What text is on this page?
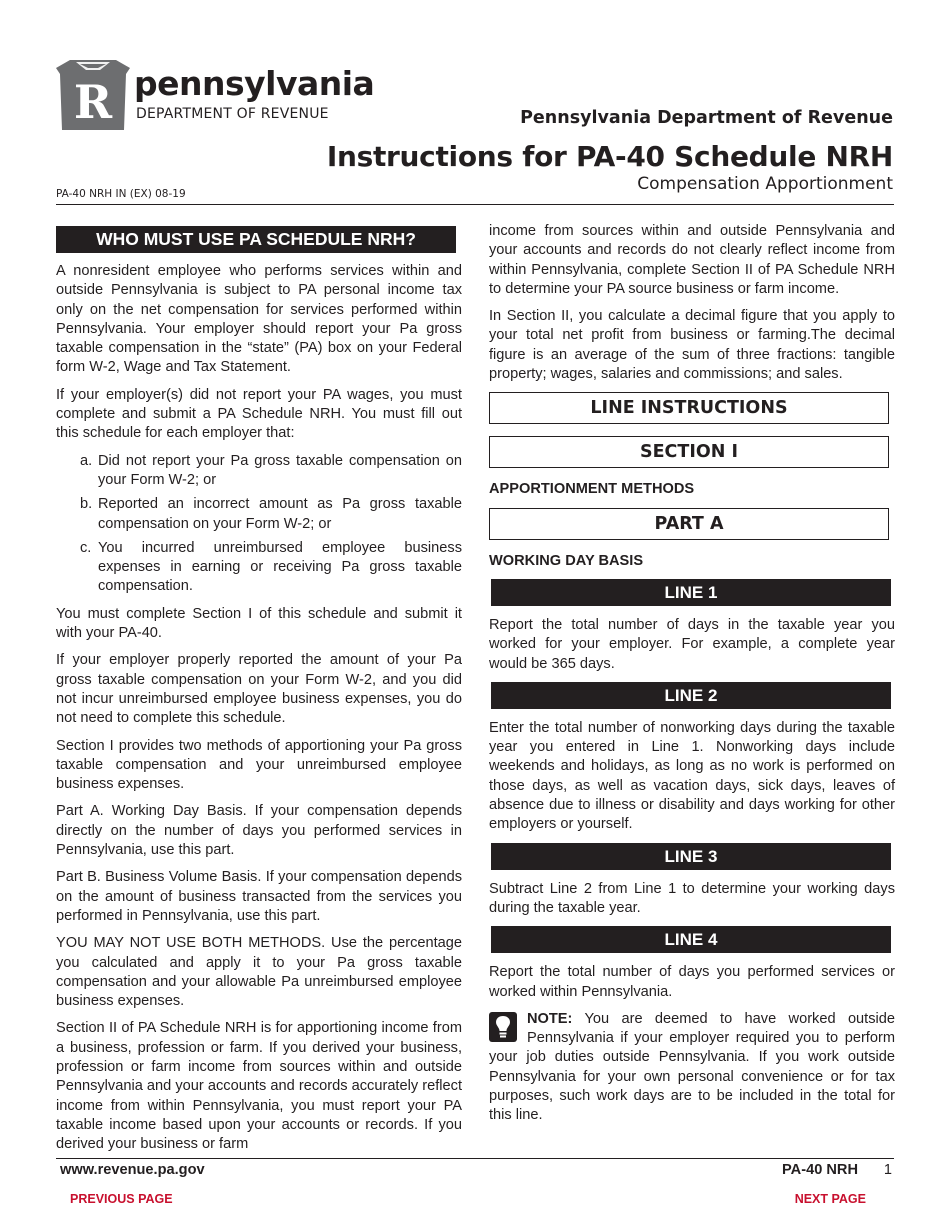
R pennsylvania
DEPARTMENT OF REVENUE	Pennsylvania Department of Revenue
Instructions for PA-40 Schedule NRH
Compensation Apportionment
PA-40 NRH IN (EX) 08-19
WHO MUST USE PA SCHEDULE NRH?

A nonresident employee who performs services within and outside Pennsylvania is subject to PA personal income tax only on the net compensation for services performed within Pennsylvania. Your employer should report your Pa gross taxable compensation in the “state” (PA) box on your Federal form W-2, Wage and Tax Statement.

If your employer(s) did not report your PA wages, you must complete and submit a PA Schedule NRH. You must fill out this schedule for each employer that:

a. Did not report your Pa gross taxable compensation on your Form W-2; or
b. Reported an incorrect amount as Pa gross taxable compensation on your Form W-2; or
c. You incurred unreimbursed employee business expenses in earning or receiving Pa gross taxable compensation.

You must complete Section I of this schedule and submit it with your PA-40.

If your employer properly reported the amount of your Pa gross taxable compensation on your Form W-2, and you did not incur unreimbursed employee business expenses, you do not need to complete this schedule.

Section I provides two methods of apportioning your Pa gross taxable compensation and your unreimbursed employee business expenses.

Part A. Working Day Basis. If your compensation depends directly on the number of days you performed services in Pennsylvania, use this part.

Part B. Business Volume Basis. If your compensation depends on the amount of business transacted from the services you performed in Pennsylvania, use this part.

YOU MAY NOT USE BOTH METHODS. Use the percentage you calculated and apply it to your Pa gross taxable compensation and your allowable Pa unreimbursed employee business expenses.

Section II of PA Schedule NRH is for apportioning income from a business, profession or farm. If you derived your business, profession or farm income from sources within and outside Pennsylvania and your accounts and records accurately reflect income from within Pennsylvania, you must report your PA taxable income based upon your accounts or records. If you derived your business or farm

income from sources within and outside Pennsylvania and your accounts and records do not clearly reflect income from within Pennsylvania, complete Section II of PA Schedule NRH to determine your PA source business or farm income.

In Section II, you calculate a decimal figure that you apply to your total net profit from business or farming.The decimal figure is an average of the sum of three fractions: tangible property; wages, salaries and commissions; and sales.

LINE INSTRUCTIONS
SECTION I
APPORTIONMENT METHODS
PART A
WORKING DAY BASIS
LINE 1

Report the total number of days in the taxable year you worked for your employer. For example, a complete year would be 365 days.

LINE 2

Enter the total number of nonworking days during the taxable year you entered in Line 1. Nonworking days include weekends and holidays, as long as no work is performed on those days, as well as vacation days, sick days, leaves of absence due to illness or disability and days working for other employers or yourself.

LINE 3

Subtract Line 2 from Line 1 to determine your working days during the taxable year.

LINE 4

Report the total number of days you performed services or worked within Pennsylvania.

NOTE: You are deemed to have worked outside Pennsylvania if your employer required you to perform your job duties outside Pennsylvania. If you work outside Pennsylvania for your own personal convenience or for tax purposes, such work days are to be included in the total for this line.

www.revenue.pa.gov	PA-40 NRH 1
PREVIOUS PAGE	NEXT PAGE
